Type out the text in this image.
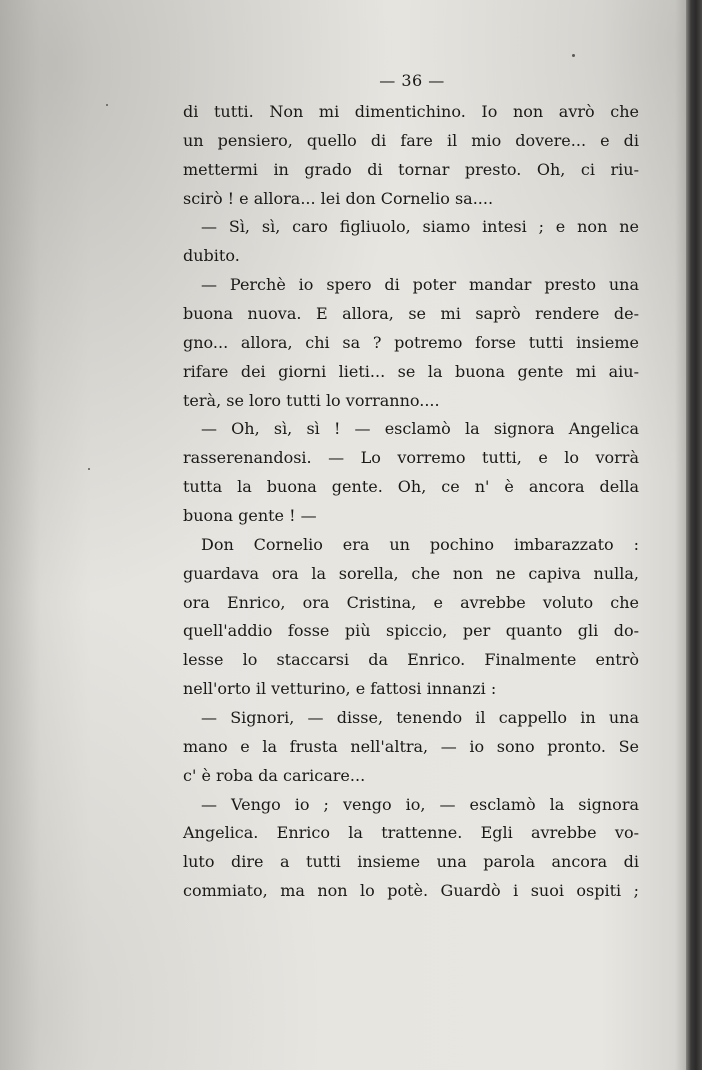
— 36 —
di tutti. Non mi dimentichino. Io non avrò che
un pensiero, quello di fare il mio dovere... e di
mettermi in grado di tornar presto. Oh, ci riu-
scirò ! e allora... lei don Cornelio sa....
— Sì, sì, caro figliuolo, siamo intesi ; e non ne
dubito.
— Perchè io spero di poter mandar presto una
buona nuova. E allora, se mi saprò rendere de-
gno... allora, chi sa ? potremo forse tutti insieme
rifare dei giorni lieti... se la buona gente mi aiu-
terà, se loro tutti lo vorranno....
— Oh, sì, sì ! — esclamò la signora Angelica
rasserenandosi. — Lo vorremo tutti, e lo vorrà
tutta la buona gente. Oh, ce n' è ancora della
buona gente ! —
Don Cornelio era un pochino imbarazzato :
guardava ora la sorella, che non ne capiva nulla,
ora Enrico, ora Cristina, e avrebbe voluto che
quell'addio fosse più spiccio, per quanto gli do-
lesse lo staccarsi da Enrico. Finalmente entrò
nell'orto il vetturino, e fattosi innanzi :
— Signori, — disse, tenendo il cappello in una
mano e la frusta nell'altra, — io sono pronto. Se
c' è roba da caricare...
— Vengo io ; vengo io, — esclamò la signora
Angelica. Enrico la trattenne. Egli avrebbe vo-
luto dire a tutti insieme una parola ancora di
commiato, ma non lo potè. Guardò i suoi ospiti ;
